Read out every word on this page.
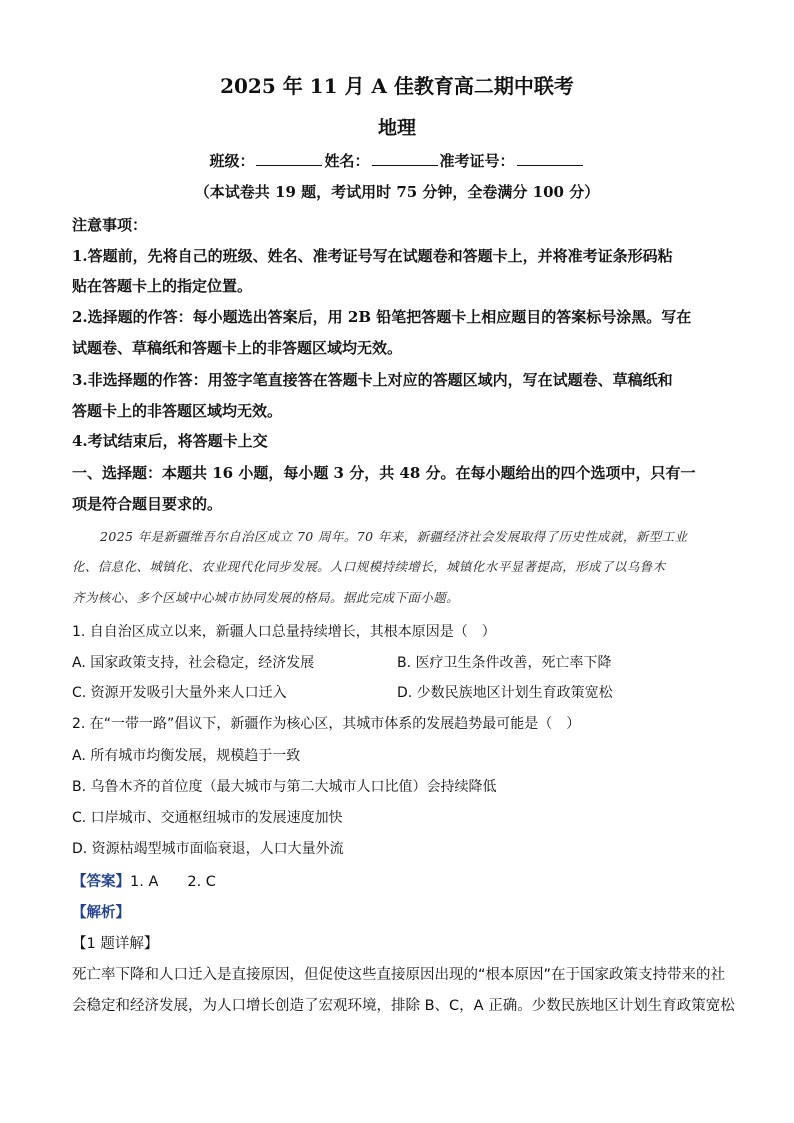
2025 年 11 月 A 佳教育高二期中联考
地理
班级：	姓名：	准考证号：
（本试卷共 19 题，考试用时 75 分钟，全卷满分 100 分）
注意事项：
1.答题前，先将自己的班级、姓名、准考证号写在试题卷和答题卡上，并将准考证条形码粘
贴在答题卡上的指定位置。
2.选择题的作答：每小题选出答案后，用 2B 铅笔把答题卡上相应题目的答案标号涂黑。写在
试题卷、草稿纸和答题卡上的非答题区域均无效。
3.非选择题的作答：用签字笔直接答在答题卡上对应的答题区域内，写在试题卷、草稿纸和
答题卡上的非答题区域均无效。
4.考试结束后，将答题卡上交
一、选择题：本题共 16 小题，每小题 3 分，共 48 分。在每小题给出的四个选项中，只有一
项是符合题目要求的。
2025 年是新疆维吾尔自治区成立 70 周年。70 年来，新疆经济社会发展取得了历史性成就，新型工业
化、信息化、城镇化、农业现代化同步发展。人口规模持续增长，城镇化水平显著提高，形成了以乌鲁木
齐为核心、多个区域中心城市协同发展的格局。据此完成下面小题。
1. 自自治区成立以来，新疆人口总量持续增长，其根本原因是（　）
A. 国家政策支持，社会稳定，经济发展	B. 医疗卫生条件改善，死亡率下降
C. 资源开发吸引大量外来人口迁入	D. 少数民族地区计划生育政策宽松
2. 在“一带一路”倡议下，新疆作为核心区，其城市体系的发展趋势最可能是（　）
A. 所有城市均衡发展，规模趋于一致
B. 乌鲁木齐的首位度（最大城市与第二大城市人口比值）会持续降低
C. 口岸城市、交通枢纽城市的发展速度加快
D. 资源枯竭型城市面临衰退，人口大量外流
【答案】1. A　　2. C
【解析】
【1 题详解】
死亡率下降和人口迁入是直接原因，但促使这些直接原因出现的“根本原因”在于国家政策支持带来的社
会稳定和经济发展，为人口增长创造了宏观环境，排除 B、C，A 正确。少数民族地区计划生育政策宽松
